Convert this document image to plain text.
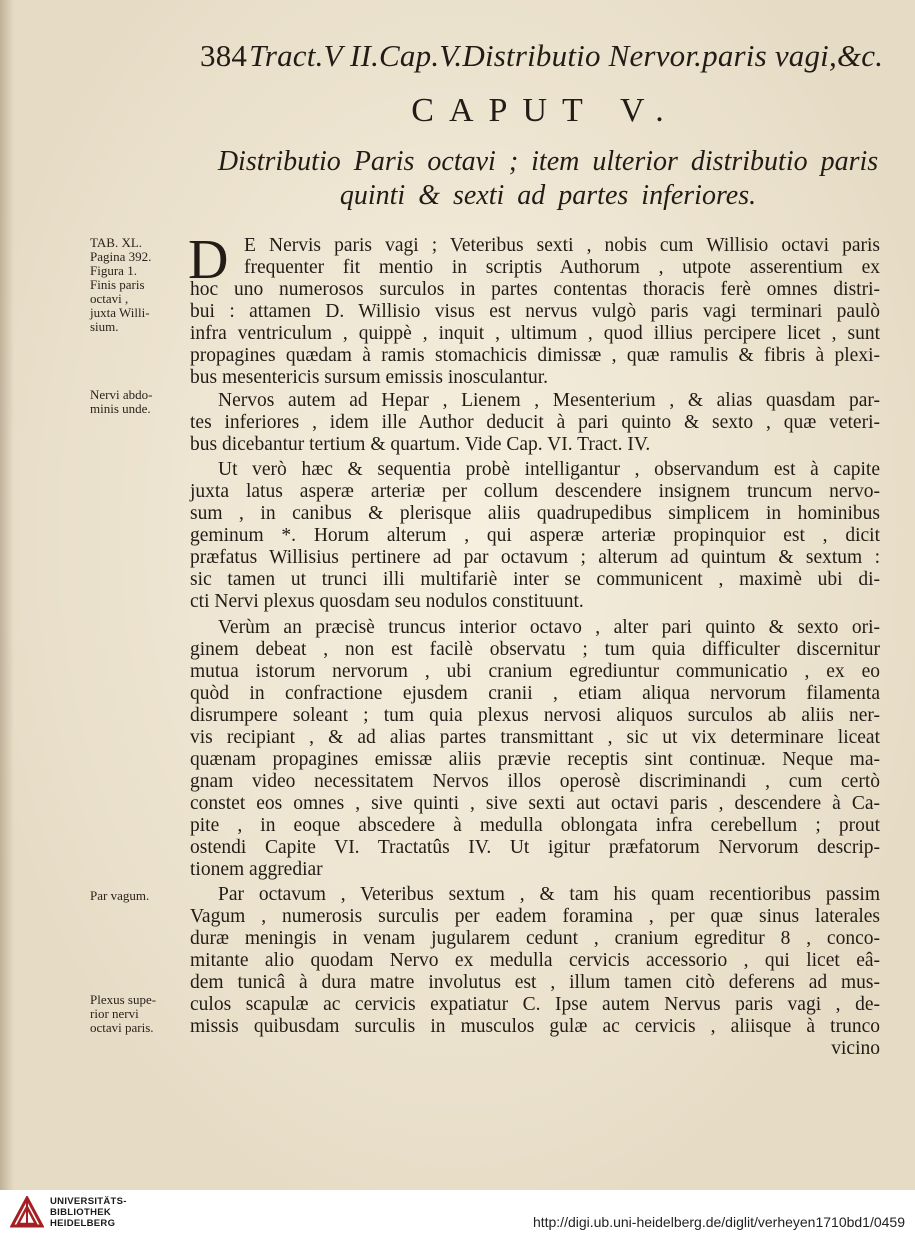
384Tract.V II.Cap.V.Distributio Nervor.paris vagi,&c.
CAPUT V.
Distributio Paris octavi ; item ulterior distributio paris
quinti & sexti ad partes inferiores.
TAB. XL.
Pagina 392.
Figura 1.
Finis paris
octavi ,
juxta Willi-
sium.
Nervi abdo-
minis unde.
Par vagum.
Plexus supe-
rior nervi
octavi paris.
D E Nervis paris vagi ; Veteribus sexti , nobis cum Willisio octavi paris
frequenter fit mentio in scriptis Authorum , utpote asserentium ex
hoc uno numerosos surculos in partes contentas thoracis ferè omnes distri-
bui : attamen D. Willisio visus est nervus vulgò paris vagi terminari paulò
infra ventriculum , quippè , inquit , ultimum , quod illius percipere licet , sunt
propagines quædam à ramis stomachicis dimissæ , quæ ramulis & fibris à plexi-
bus mesentericis sursum emissis inosculantur.
Nervos autem ad Hepar , Lienem , Mesenterium , & alias quasdam par-
tes inferiores , idem ille Author deducit à pari quinto & sexto , quæ veteri-
bus dicebantur tertium & quartum. Vide Cap. VI. Tract. IV.
Ut verò hæc & sequentia probè intelligantur , observandum est à capite
juxta latus asperæ arteriæ per collum descendere insignem truncum nervo-
sum , in canibus & plerisque aliis quadrupedibus simplicem in hominibus
geminum *. Horum alterum , qui asperæ arteriæ propinquior est , dicit
præfatus Willisius pertinere ad par octavum ; alterum ad quintum & sextum :
sic tamen ut trunci illi multifariè inter se communicent , maximè ubi di-
cti Nervi plexus quosdam seu nodulos constituunt.
Verùm an præcisè truncus interior octavo , alter pari quinto & sexto ori-
ginem debeat , non est facilè observatu ; tum quia difficulter discernitur
mutua istorum nervorum , ubi cranium egrediuntur communicatio , ex eo
quòd in confractione ejusdem cranii , etiam aliqua nervorum filamenta
disrumpere soleant ; tum quia plexus nervosi aliquos surculos ab aliis ner-
vis recipiant , & ad alias partes transmittant , sic ut vix determinare liceat
quænam propagines emissæ aliis prævie receptis sint continuæ. Neque ma-
gnam video necessitatem Nervos illos operosè discriminandi , cum certò
constet eos omnes , sive quinti , sive sexti aut octavi paris , descendere à Ca-
pite , in eoque abscedere à medulla oblongata infra cerebellum ; prout
ostendi Capite VI. Tractatûs IV. Ut igitur præfatorum Nervorum descrip-
tionem aggrediar
Par octavum , Veteribus sextum , & tam his quam recentioribus passim
Vagum , numerosis surculis per eadem foramina , per quæ sinus laterales
duræ meningis in venam jugularem cedunt , cranium egreditur 8 , conco-
mitante alio quodam Nervo ex medulla cervicis accessorio , qui licet eâ-
dem tunicâ à dura matre involutus est , illum tamen citò deferens ad mus-
culos scapulæ ac cervicis expatiatur C. Ipse autem Nervus paris vagi , de-
missis quibusdam surculis in musculos gulæ ac cervicis , aliisque à trunco
vicino
UNIVERSITÄTS-
BIBLIOTHEK
HEIDELBERG	http://digi.ub.uni-heidelberg.de/diglit/verheyen1710bd1/0459
